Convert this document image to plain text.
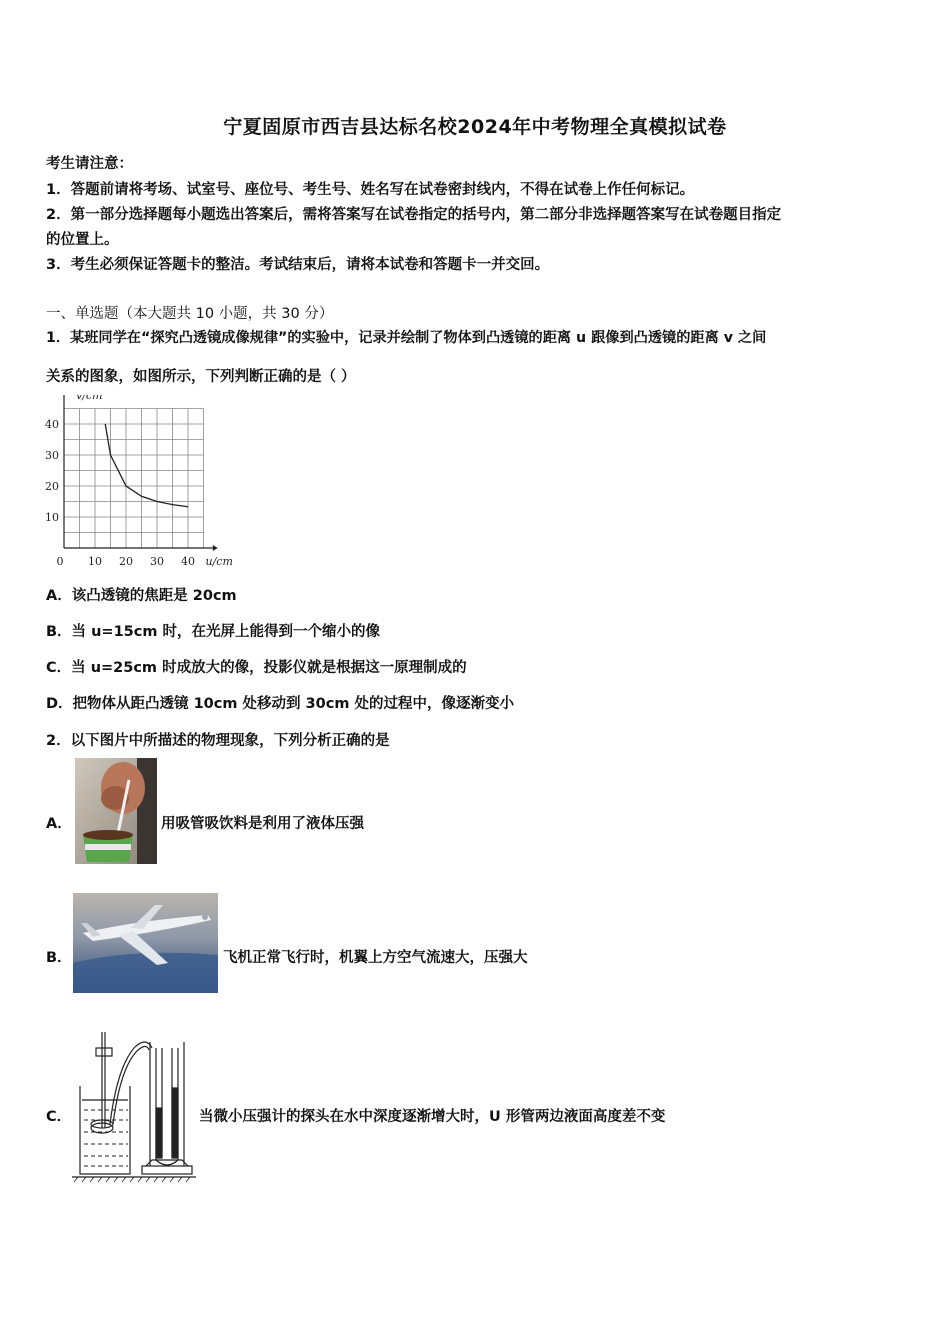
宁夏固原市西吉县达标名校2024年中考物理全真模拟试卷
考生请注意：
1．答题前请将考场、试室号、座位号、考生号、姓名写在试卷密封线内，不得在试卷上作任何标记。
2．第一部分选择题每小题选出答案后，需将答案写在试卷指定的括号内，第二部分非选择题答案写在试卷题目指定
的位置上。
3．考生必须保证答题卡的整洁。考试结束后，请将本试卷和答题卡一并交回。
一、单选题（本大题共 10 小题，共 30 分）
1．某班同学在“探究凸透镜成像规律”的实验中，记录并绘制了物体到凸透镜的距离 u 跟像到凸透镜的距离 v 之间
关系的图象，如图所示，下列判断正确的是（ ）
0 10 20 30 40
10
20
30
40
u/cm
v/cm
A．该凸透镜的焦距是 20cm
B．当 u=15cm 时，在光屏上能得到一个缩小的像
C．当 u=25cm 时成放大的像，投影仪就是根据这一原理制成的
D．把物体从距凸透镜 10cm 处移动到 30cm 处的过程中，像逐渐变小
2．以下图片中所描述的物理现象，下列分析正确的是
A．	用吸管吸饮料是利用了液体压强
B．	飞机正常飞行时，机翼上方空气流速大，压强大
C．	当微小压强计的探头在水中深度逐渐增大时，U 形管两边液面高度差不变
